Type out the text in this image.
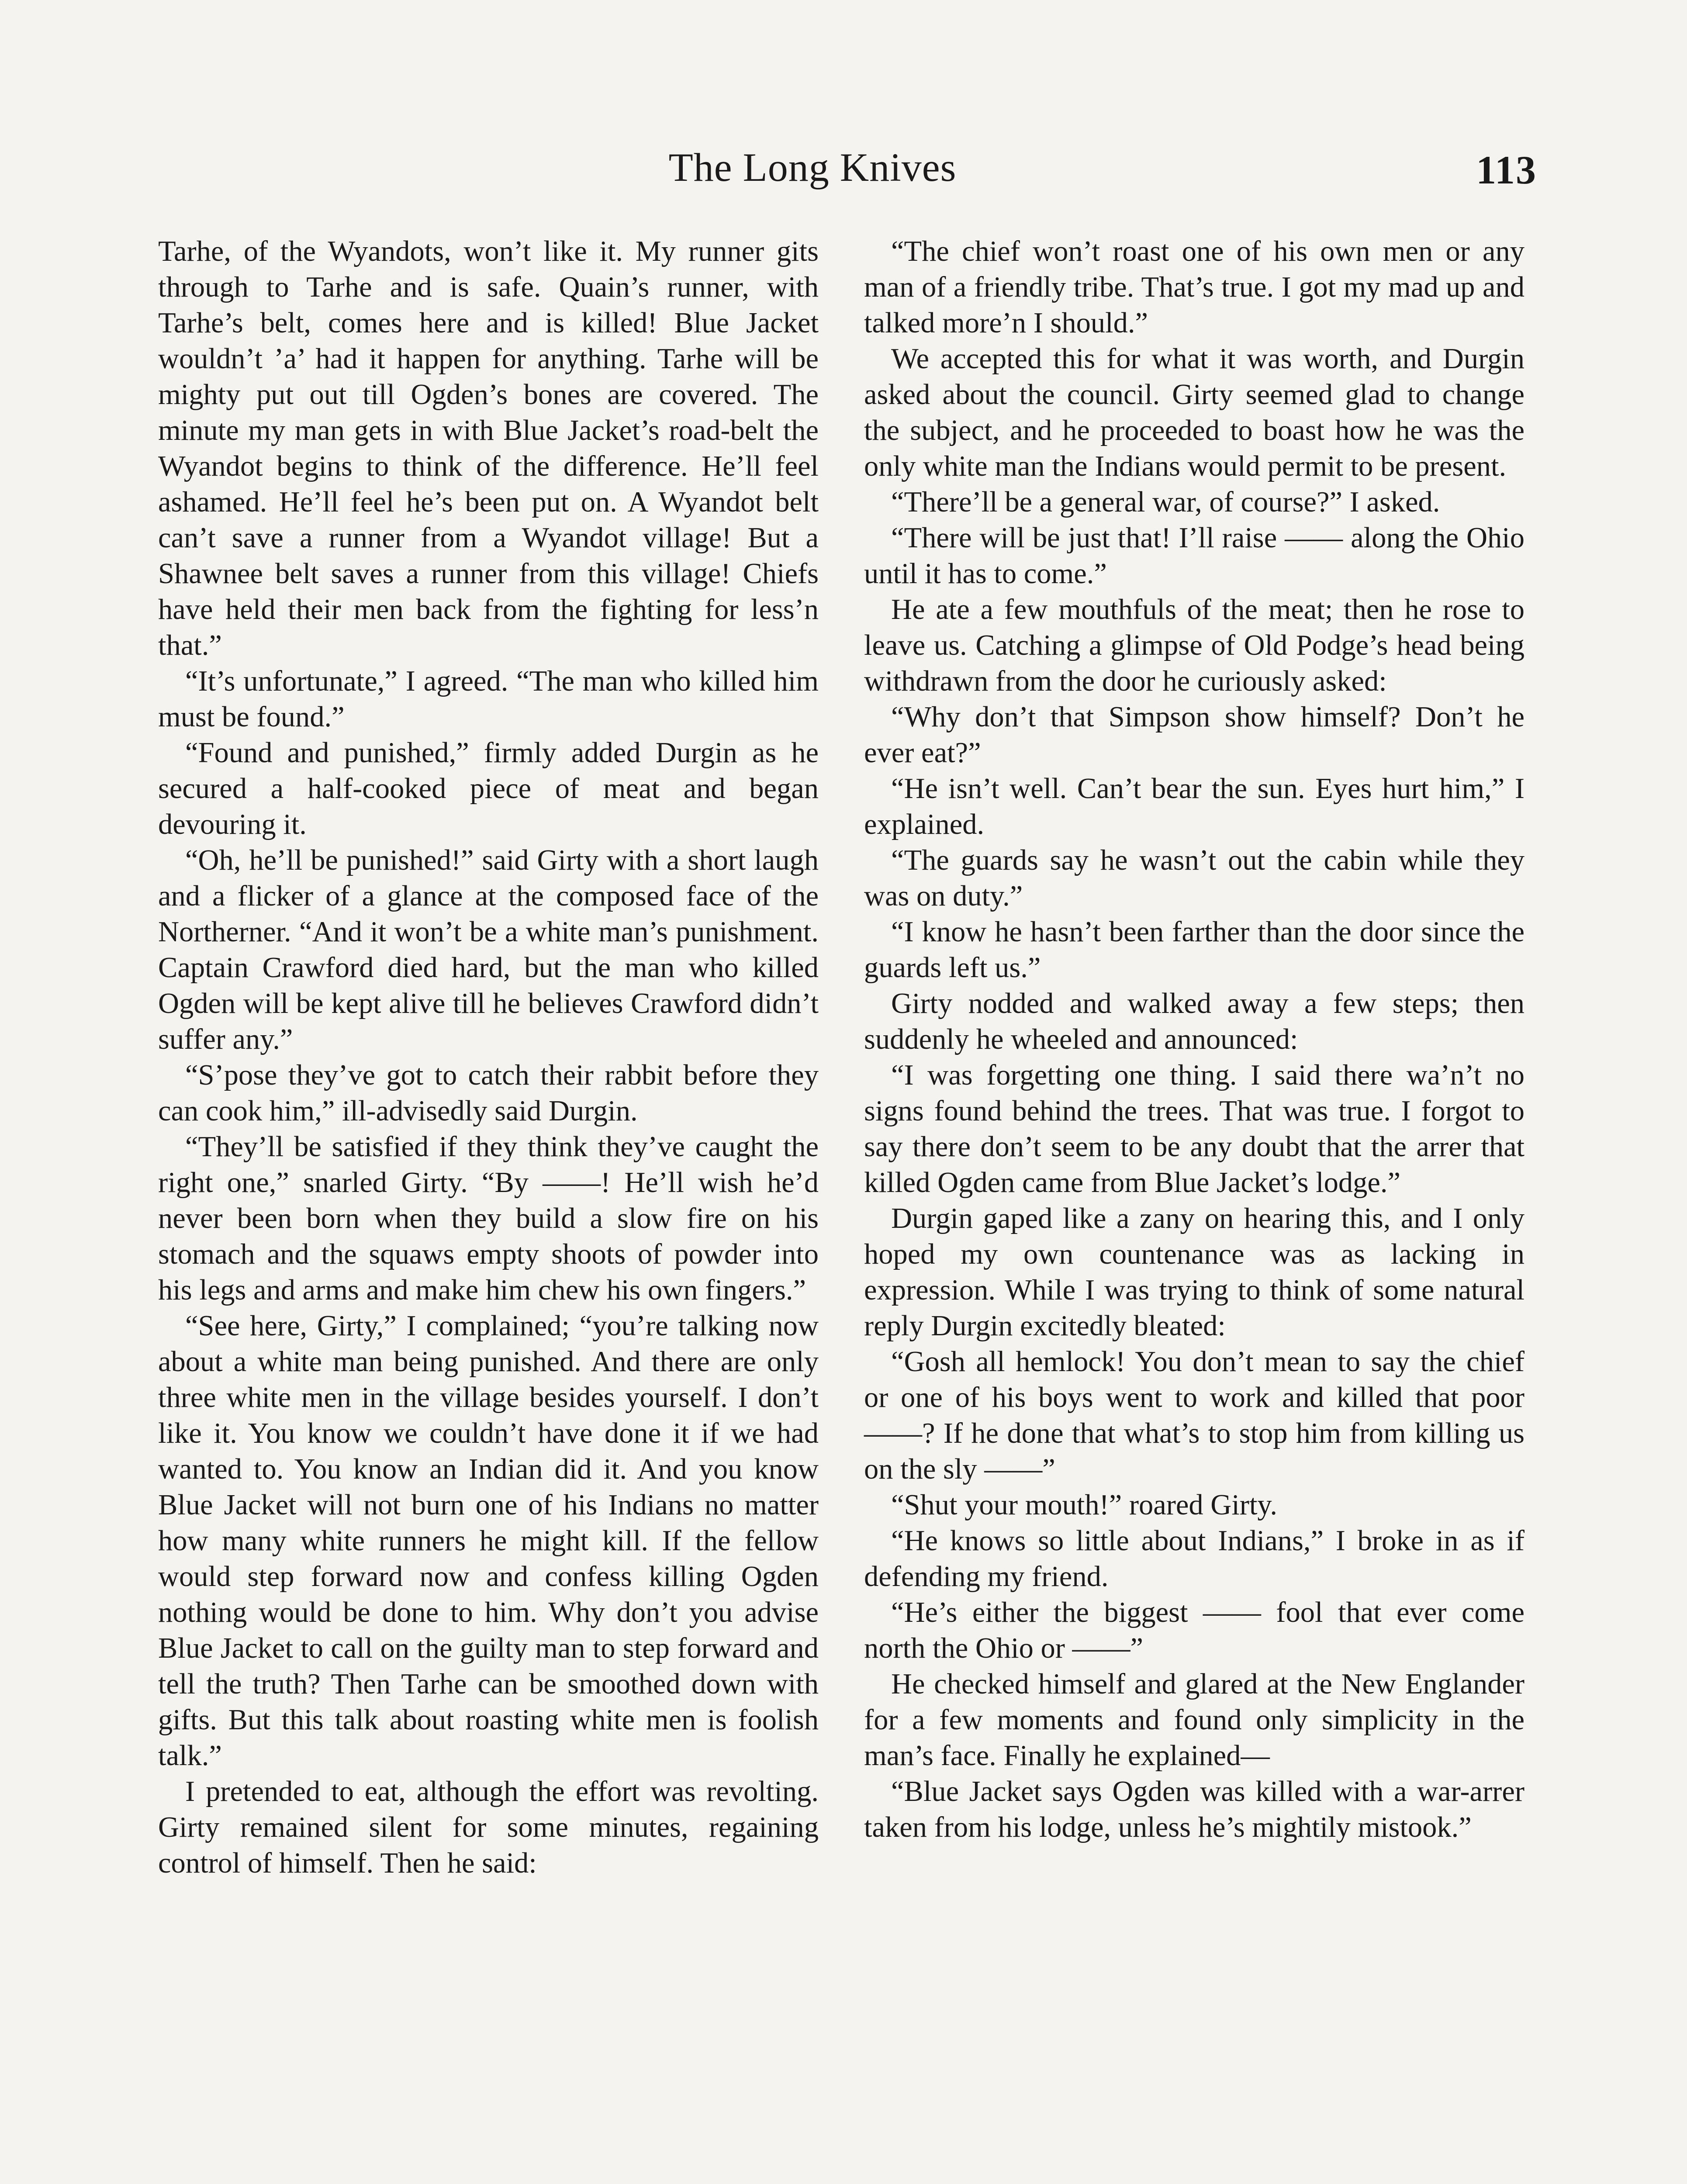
The Long Knives	113

Tarhe, of the Wyandots, won’t like it. My runner gits through to Tarhe and is safe. Quain’s runner, with Tarhe’s belt, comes here and is killed! Blue Jacket wouldn’t ’a’ had it happen for anything. Tarhe will be mighty put out till Ogden’s bones are covered. The minute my man gets in with Blue Jacket’s road-belt the Wyandot begins to think of the difference. He’ll feel ashamed. He’ll feel he’s been put on. A Wyandot belt can’t save a runner from a Wyandot village! But a Shawnee belt saves a runner from this village! Chiefs have held their men back from the fighting for less’n that.”

“It’s unfortunate,” I agreed. “The man who killed him must be found.”

“Found and punished,” firmly added Durgin as he secured a half-cooked piece of meat and began devouring it.

“Oh, he’ll be punished!” said Girty with a short laugh and a flicker of a glance at the composed face of the Northerner. “And it won’t be a white man’s punishment. Captain Crawford died hard, but the man who killed Ogden will be kept alive till he believes Crawford didn’t suffer any.”

“S’pose they’ve got to catch their rabbit before they can cook him,” ill-advisedly said Durgin.

“They’ll be satisfied if they think they’ve caught the right one,” snarled Girty. “By ——! He’ll wish he’d never been born when they build a slow fire on his stomach and the squaws empty shoots of powder into his legs and arms and make him chew his own fingers.”

“See here, Girty,” I complained; “you’re talking now about a white man being punished. And there are only three white men in the village besides yourself. I don’t like it. You know we couldn’t have done it if we had wanted to. You know an Indian did it. And you know Blue Jacket will not burn one of his Indians no matter how many white runners he might kill. If the fellow would step forward now and confess killing Ogden nothing would be done to him. Why don’t you advise Blue Jacket to call on the guilty man to step forward and tell the truth? Then Tarhe can be smoothed down with gifts. But this talk about roasting white men is foolish talk.”

I pretended to eat, although the effort was revolting. Girty remained silent for some minutes, regaining control of himself. Then he said:

“The chief won’t roast one of his own men or any man of a friendly tribe. That’s true. I got my mad up and talked more’n I should.”

We accepted this for what it was worth, and Durgin asked about the council. Girty seemed glad to change the subject, and he proceeded to boast how he was the only white man the Indians would permit to be present.

“There’ll be a general war, of course?” I asked.

“There will be just that! I’ll raise —— along the Ohio until it has to come.”

He ate a few mouthfuls of the meat; then he rose to leave us. Catching a glimpse of Old Podge’s head being withdrawn from the door he curiously asked:

“Why don’t that Simpson show himself? Don’t he ever eat?”

“He isn’t well. Can’t bear the sun. Eyes hurt him,” I explained.

“The guards say he wasn’t out the cabin while they was on duty.”

“I know he hasn’t been farther than the door since the guards left us.”

Girty nodded and walked away a few steps; then suddenly he wheeled and announced:

“I was forgetting one thing. I said there wa’n’t no signs found behind the trees. That was true. I forgot to say there don’t seem to be any doubt that the arrer that killed Ogden came from Blue Jacket’s lodge.”

Durgin gaped like a zany on hearing this, and I only hoped my own countenance was as lacking in expression. While I was trying to think of some natural reply Durgin excitedly bleated:

“Gosh all hemlock! You don’t mean to say the chief or one of his boys went to work and killed that poor ——? If he done that what’s to stop him from killing us on the sly ——”

“Shut your mouth!” roared Girty.

“He knows so little about Indians,” I broke in as if defending my friend.

“He’s either the biggest —— fool that ever come north the Ohio or ——”

He checked himself and glared at the New Englander for a few moments and found only simplicity in the man’s face. Finally he explained—

“Blue Jacket says Ogden was killed with a war-arrer taken from his lodge, unless he’s mightily mistook.”
